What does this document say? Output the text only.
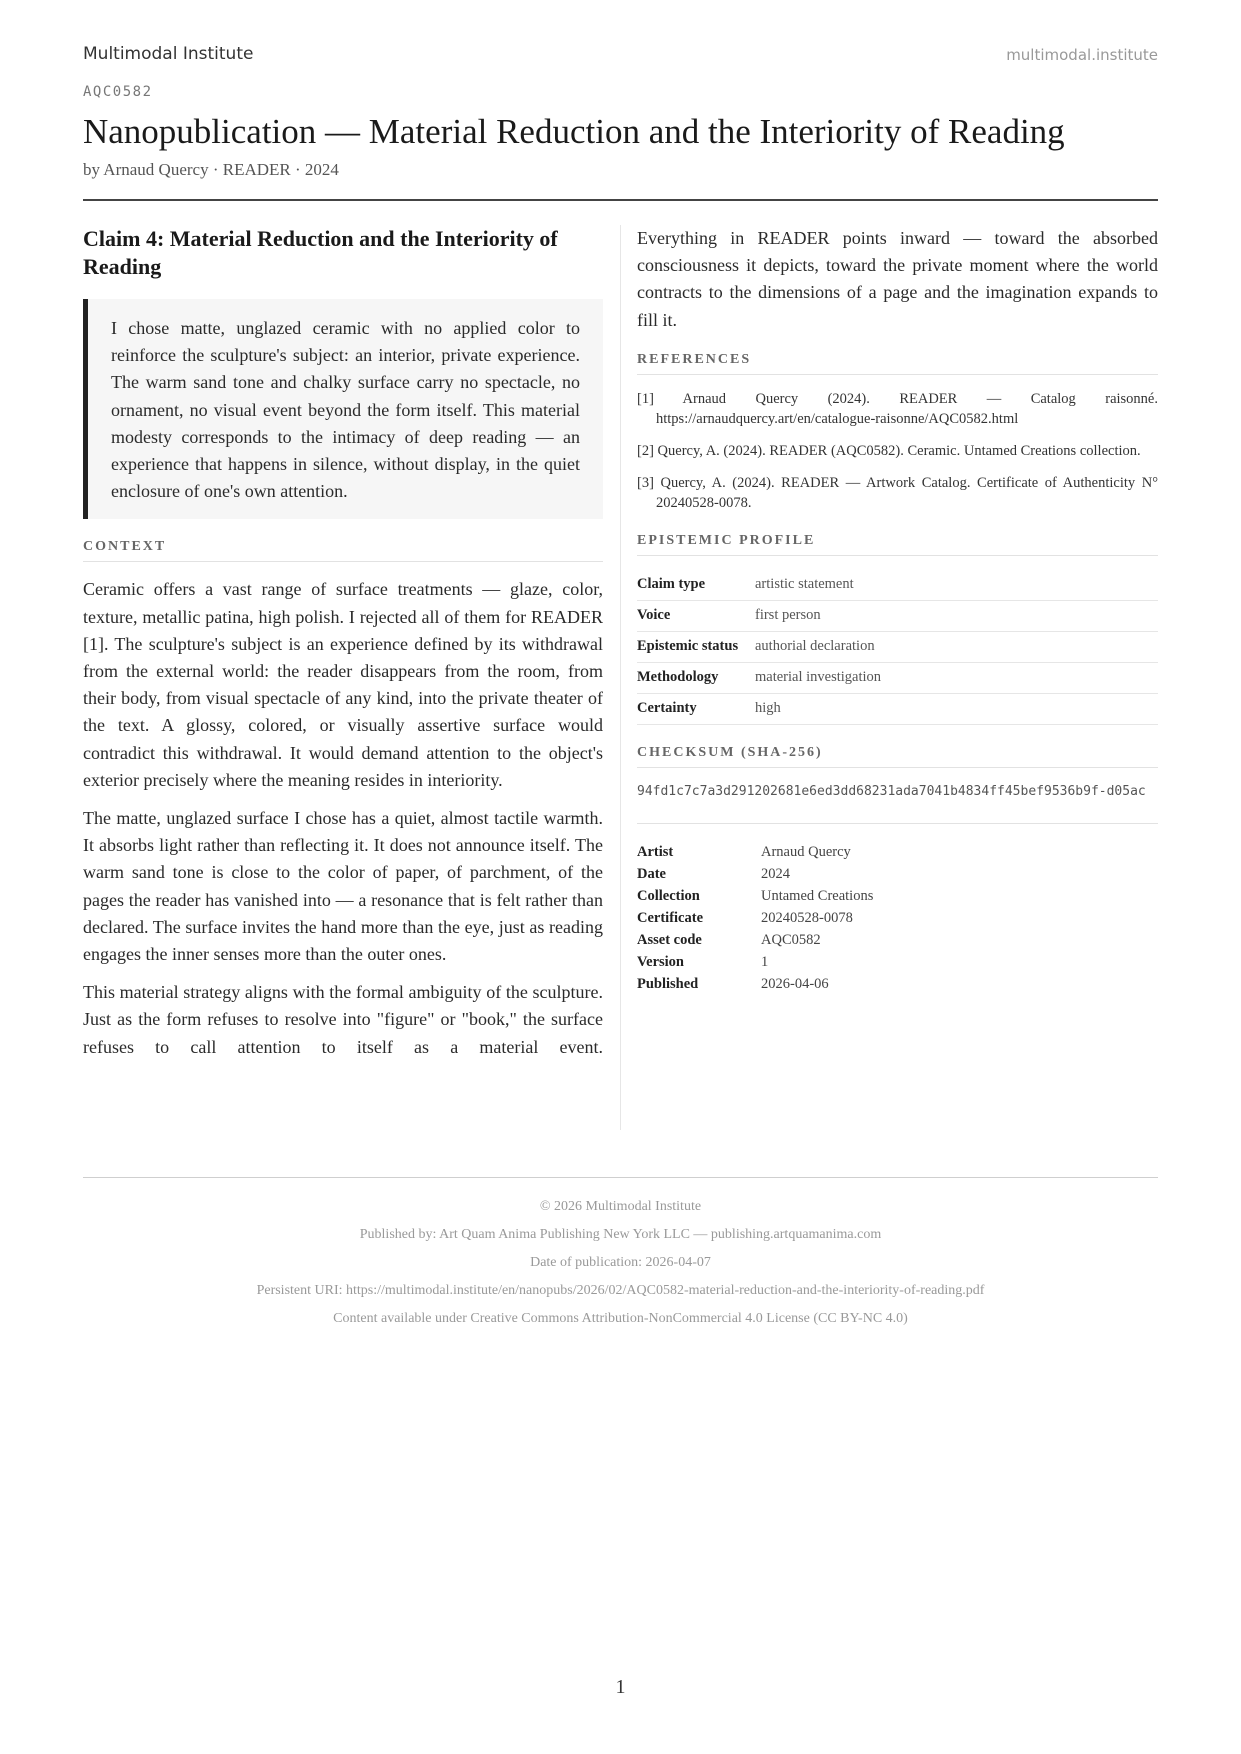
Multimodal Institute	multimodal.institute
AQC0582
Nanopublication — Material Reduction and the Interiority of Reading
by Arnaud Quercy · READER · 2024
Claim 4: Material Reduction and the Interiority of Reading
I chose matte, unglazed ceramic with no applied color to reinforce the sculpture's subject: an interior, private experience. The warm sand tone and chalky surface carry no spectacle, no ornament, no visual event beyond the form itself. This material modesty corresponds to the intimacy of deep reading — an experience that happens in silence, without display, in the quiet enclosure of one's own attention.
CONTEXT

Ceramic offers a vast range of surface treatments — glaze, color, texture, metallic patina, high polish. I rejected all of them for READER [1]. The sculpture's subject is an experience defined by its withdrawal from the external world: the reader disappears from the room, from their body, from visual spectacle of any kind, into the private theater of the text. A glossy, colored, or visually assertive surface would contradict this withdrawal. It would demand attention to the object's exterior precisely where the meaning resides in interiority.

The matte, unglazed surface I chose has a quiet, almost tactile warmth. It absorbs light rather than reflecting it. It does not announce itself. The warm sand tone is close to the color of paper, of parchment, of the pages the reader has vanished into — a resonance that is felt rather than declared. The surface invites the hand more than the eye, just as reading engages the inner senses more than the outer ones.

This material strategy aligns with the formal ambiguity of the sculpture. Just as the form refuses to resolve into "figure" or "book," the surface refuses to call attention to itself as a material event.

Everything in READER points inward — toward the absorbed consciousness it depicts, toward the private moment where the world contracts to the dimensions of a page and the imagination expands to fill it.

REFERENCES
[1] Arnaud Quercy (2024). READER — Catalog raisonné. https://arnaudquercy.art/en/catalogue-raisonne/AQC0582.html
[2] Quercy, A. (2024). READER (AQC0582). Ceramic. Untamed Creations collection.
[3] Quercy, A. (2024). READER — Artwork Catalog. Certificate of Authenticity N° 20240528-0078.
EPISTEMIC PROFILE
Claim type	artistic statement
Voice	first person
Epistemic status	authorial declaration
Methodology	material investigation
Certainty	high
CHECKSUM (SHA-256)
94fd1c7c7a3d291202681e6ed3dd68231ada7041b4834ff45bef9536b9f-d05ac
Artist	Arnaud Quercy
Date	2024
Collection	Untamed Creations
Certificate	20240528-0078
Asset code	AQC0582
Version	1
Published	2026-04-06
© 2026 Multimodal Institute
Published by: Art Quam Anima Publishing New York LLC — publishing.artquamanima.com
Date of publication: 2026-04-07
Persistent URI: https://multimodal.institute/en/nanopubs/2026/02/AQC0582-material-reduction-and-the-interiority-of-reading.pdf
Content available under Creative Commons Attribution-NonCommercial 4.0 License (CC BY-NC 4.0)
1
